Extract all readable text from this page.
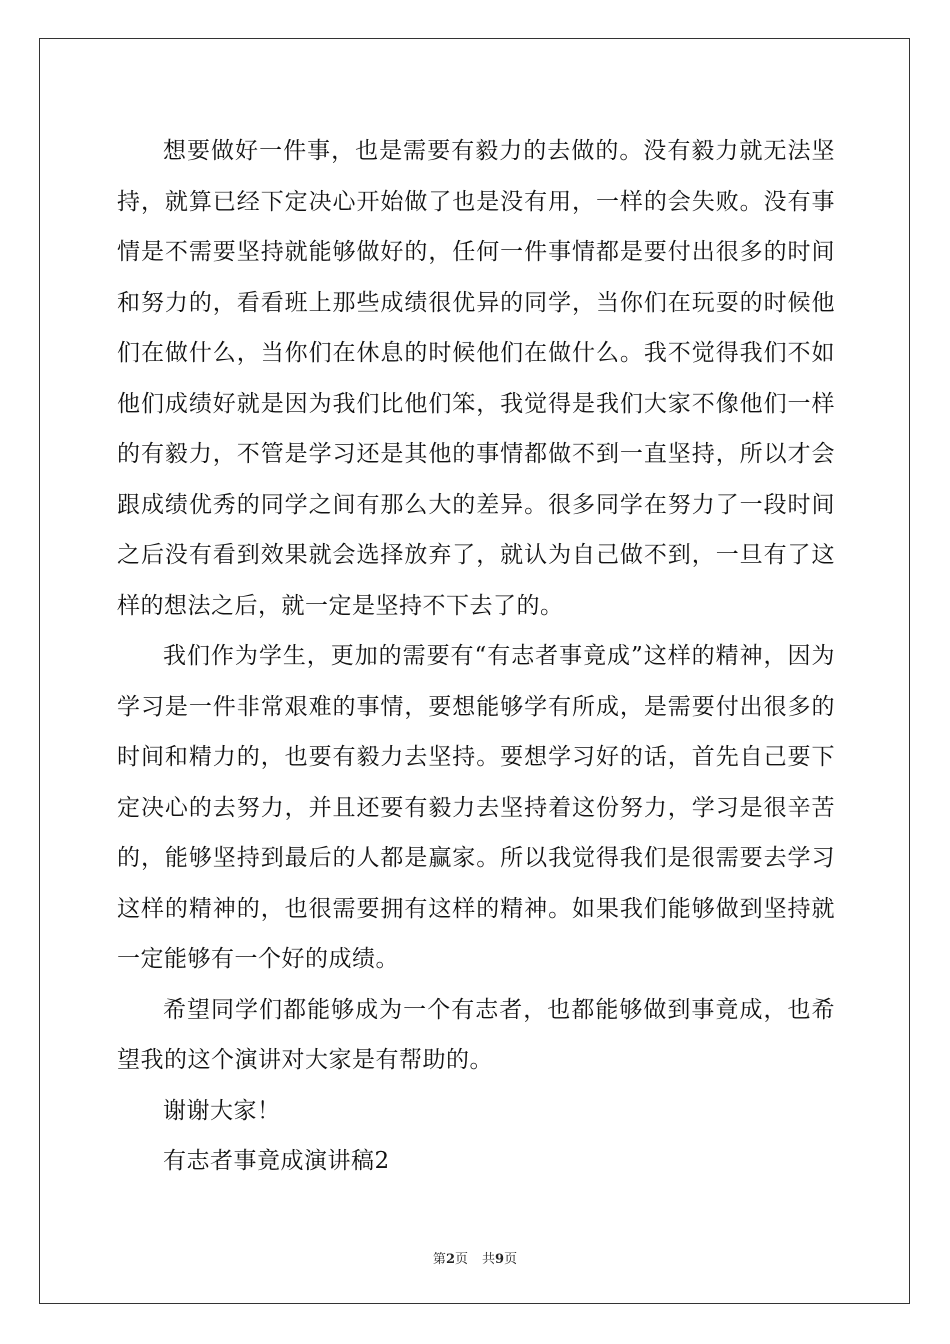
想要做好一件事，也是需要有毅力的去做的。没有毅力就无法坚持，就算已经下定决心开始做了也是没有用，一样的会失败。没有事情是不需要坚持就能够做好的，任何一件事情都是要付出很多的时间和努力的，看看班上那些成绩很优异的同学，当你们在玩耍的时候他们在做什么，当你们在休息的时候他们在做什么。我不觉得我们不如他们成绩好就是因为我们比他们笨，我觉得是我们大家不像他们一样的有毅力，不管是学习还是其他的事情都做不到一直坚持，所以才会跟成绩优秀的同学之间有那么大的差异。很多同学在努力了一段时间之后没有看到效果就会选择放弃了，就认为自己做不到，一旦有了这样的想法之后，就一定是坚持不下去了的。

我们作为学生，更加的需要有“有志者事竟成”这样的精神，因为学习是一件非常艰难的事情，要想能够学有所成，是需要付出很多的时间和精力的，也要有毅力去坚持。要想学习好的话，首先自己要下定决心的去努力，并且还要有毅力去坚持着这份努力，学习是很辛苦的，能够坚持到最后的人都是赢家。所以我觉得我们是很需要去学习这样的精神的，也很需要拥有这样的精神。如果我们能够做到坚持就一定能够有一个好的成绩。

希望同学们都能够成为一个有志者，也都能够做到事竟成，也希望我的这个演讲对大家是有帮助的。

谢谢大家！

有志者事竟成演讲稿2

第2页 共9页
